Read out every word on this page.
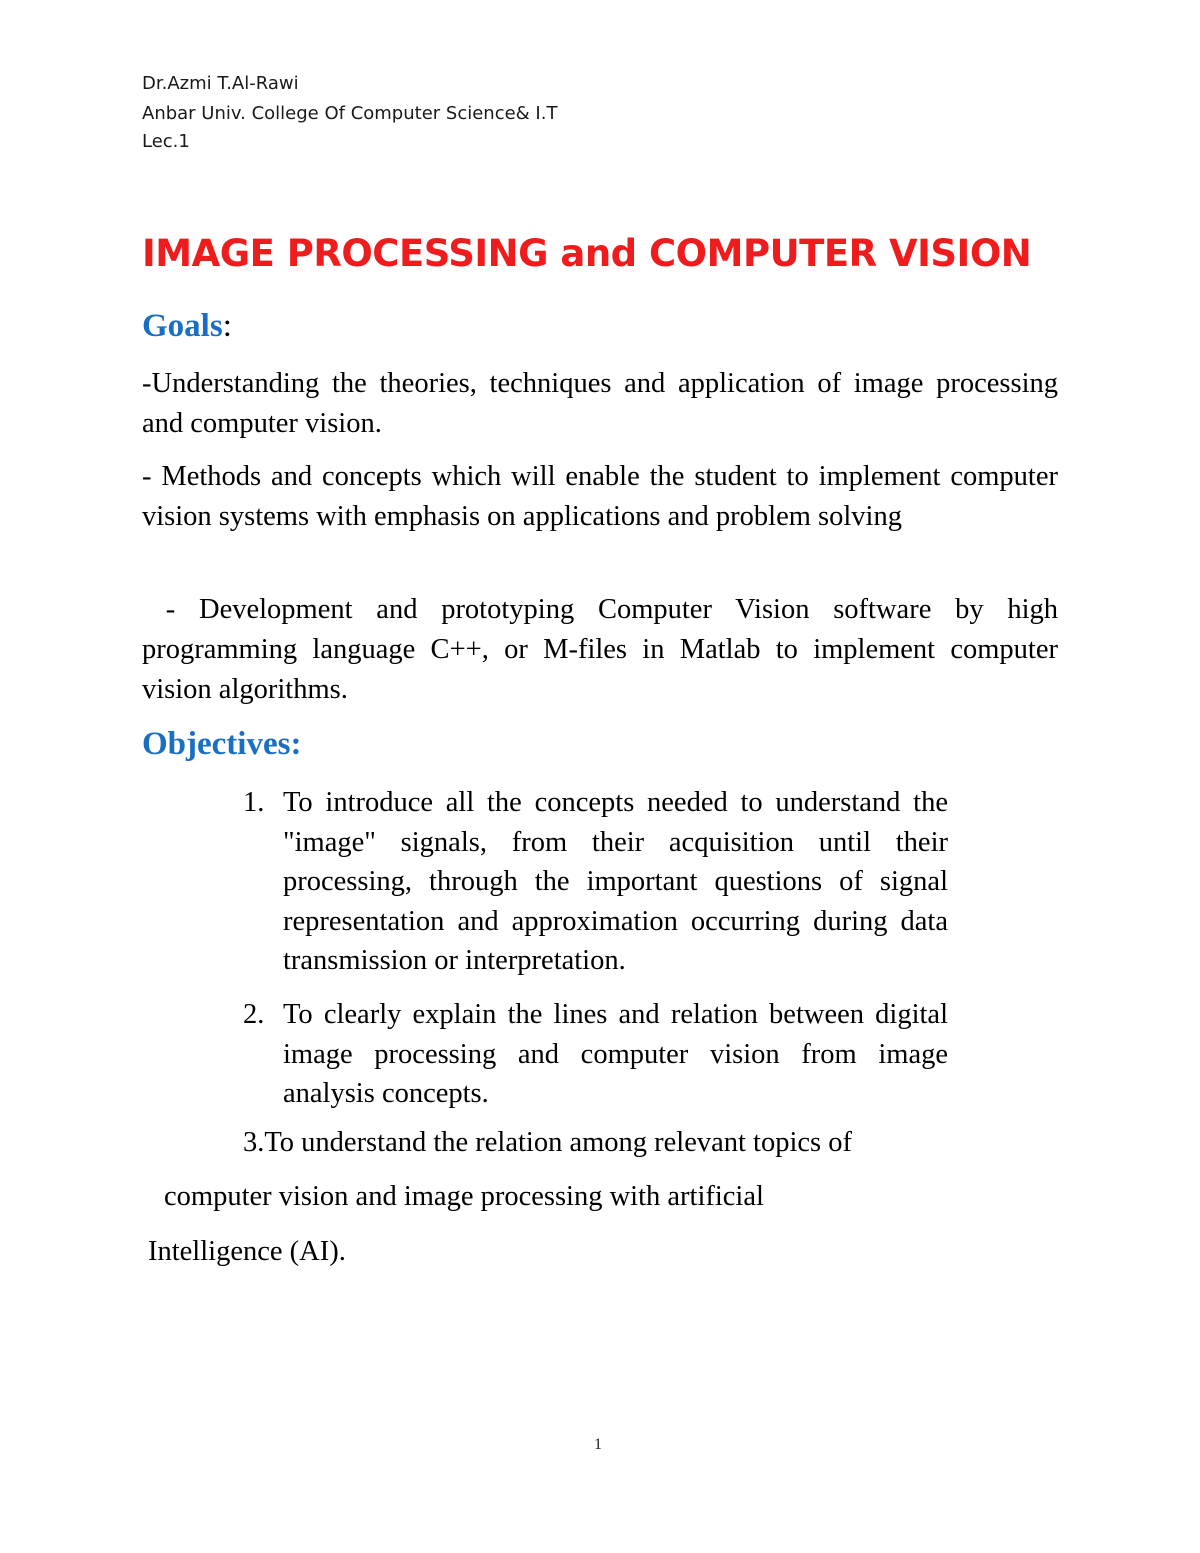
Dr.Azmi T.Al-Rawi
Anbar Univ. College Of Computer Science& I.T
Lec.1
IMAGE PROCESSING and COMPUTER VISION
Goals:

-Understanding the theories, techniques and application of image processing and computer vision.

- Methods and concepts which will enable the student to implement computer vision systems with emphasis on applications and problem solving

- Development and prototyping Computer Vision software by high programming language C++, or M-files in Matlab to implement computer vision algorithms.

Objectives:
1. To introduce all the concepts needed to understand the "image" signals, from their acquisition until their processing, through the important questions of signal representation and approximation occurring during data transmission or interpretation.
2. To clearly explain the lines and relation between digital image processing and computer vision from image analysis concepts.
3.To understand the relation among relevant topics of
computer vision and image processing with artificial
Intelligence (AI).
1
